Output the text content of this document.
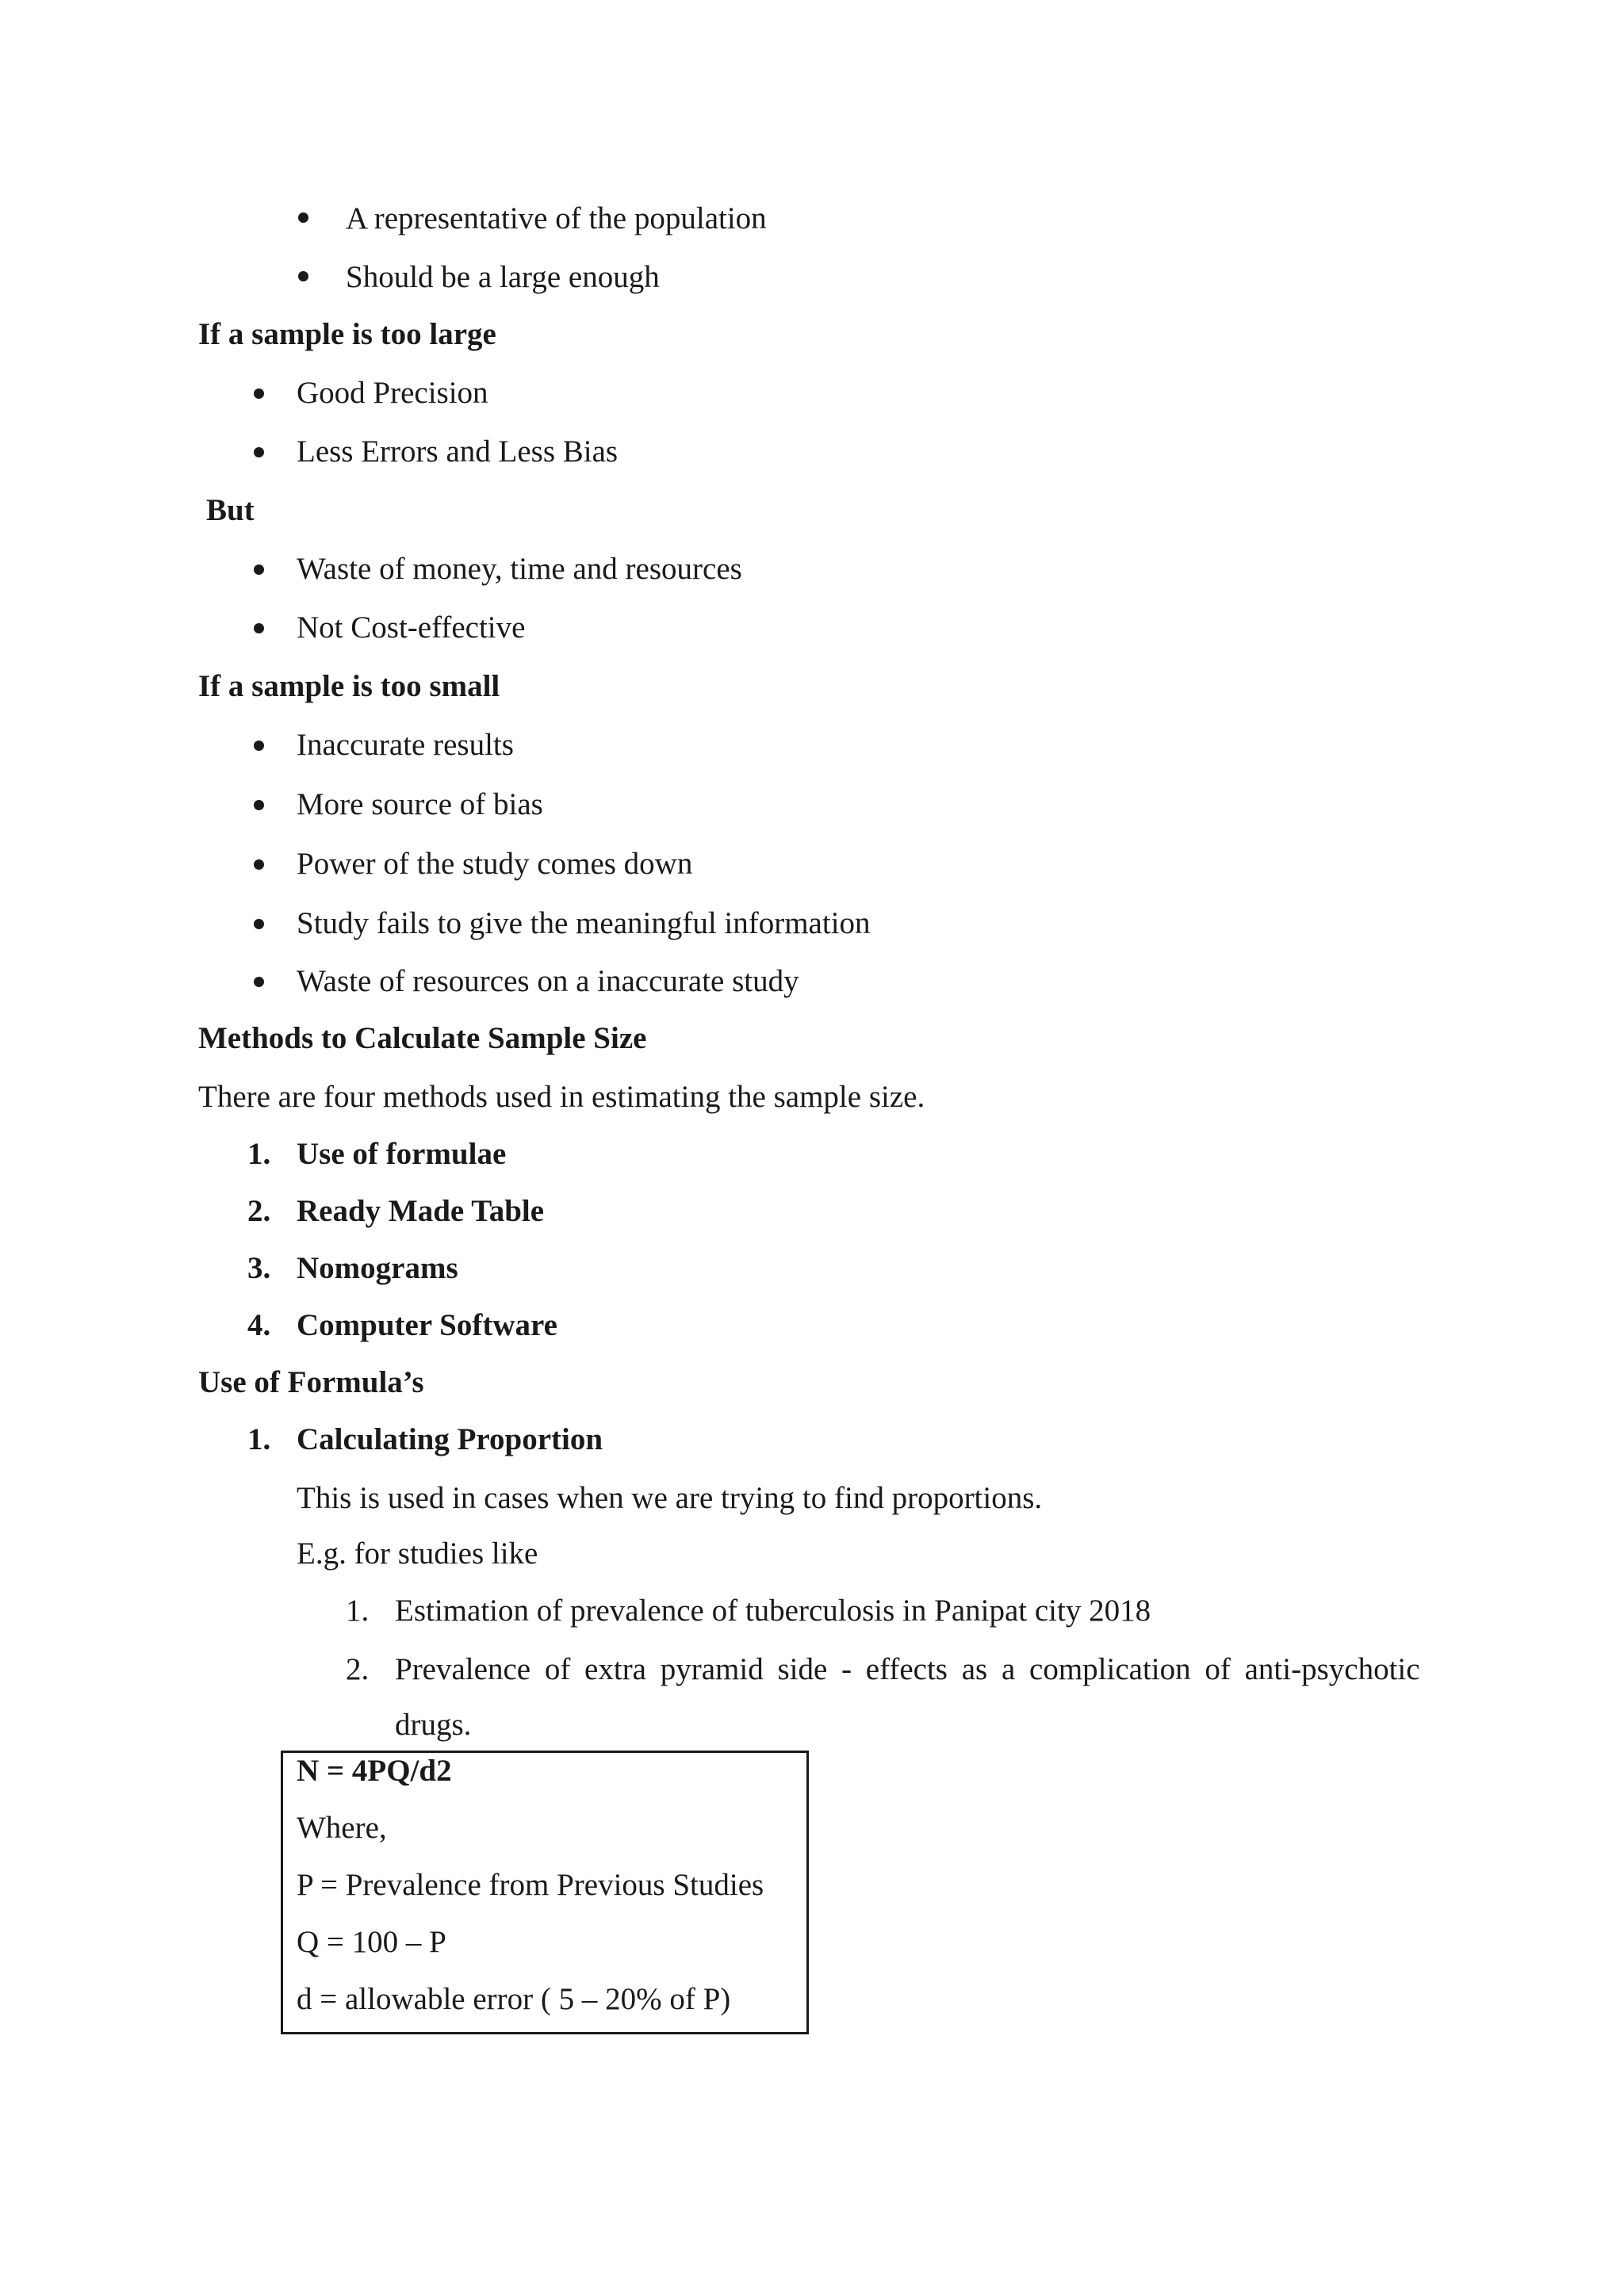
A representative of the population
Should be a large enough
If a sample is too large
Good Precision
Less Errors and Less Bias
But
Waste of money, time and resources
Not Cost-effective
If a sample is too small
Inaccurate results
More source of bias
Power of the study comes down
Study fails to give the meaningful information
Waste of resources on a inaccurate study
Methods to Calculate Sample Size
There are four methods used in estimating the sample size.
1. Use of formulae
2. Ready Made Table
3. Nomograms
4. Computer Software
Use of Formula’s
1. Calculating Proportion
This is used in cases when we are trying to find proportions.
E.g. for studies like
1. Estimation of prevalence of tuberculosis in Panipat city 2018
2. Prevalence of extra pyramid side - effects as a complication of anti-psychotic
drugs.
N = 4PQ/d2
Where,
P = Prevalence from Previous Studies
Q = 100 – P
d = allowable error ( 5 – 20% of P)
